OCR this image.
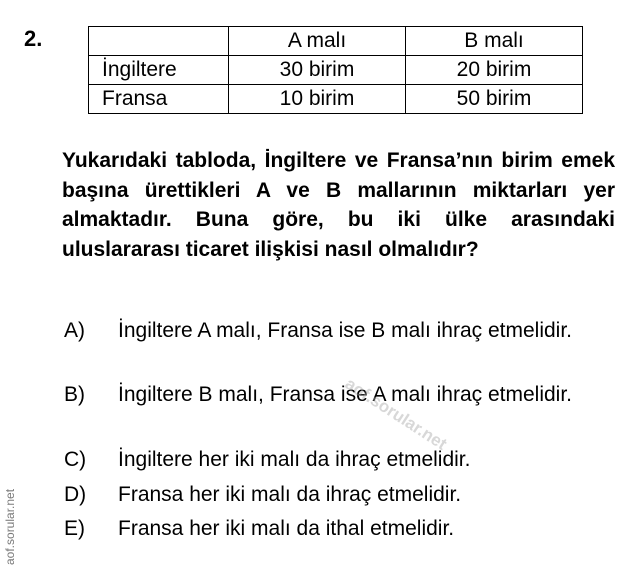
2.
		A malı	B malı
İngiltere	30 birim	20 birim
Fransa	10 birim	50 birim
Yukarıdaki tabloda, İngiltere ve Fransa’nın birim emek başına ürettikleri A ve B mallarının miktarları yer almaktadır. Buna göre, bu iki ülke arasındaki uluslararası ticaret ilişkisi nasıl olmalıdır?
A) İngiltere A malı, Fransa ise B malı ihraç etmelidir.
B) İngiltere B malı, Fransa ise A malı ihraç etmelidir.
C) İngiltere her iki malı da ihraç etmelidir.
D) Fransa her iki malı da ihraç etmelidir.
E) Fransa her iki malı da ithal etmelidir.
aof.sorular.net
aof.sorular.net
